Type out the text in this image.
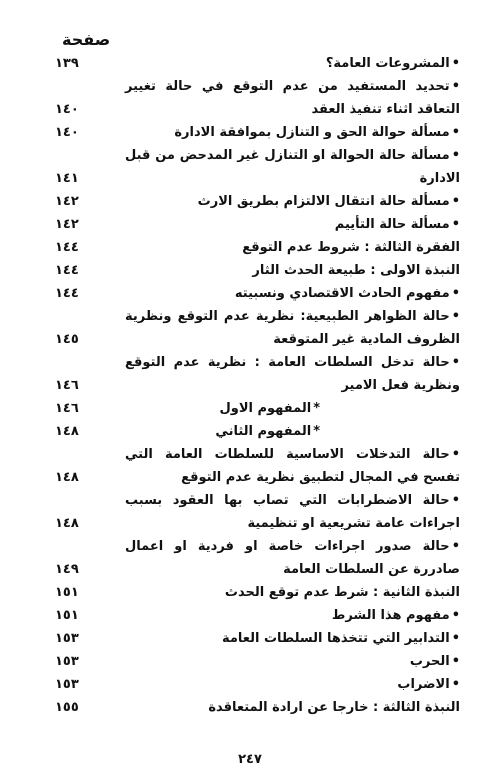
صفحة
• المشروعات العامة؟
١٣٩
• تحديد المستفيد من عدم التوقع في حالة تغيير التعاقد اثناء تنفيذ العقد
١٤٠
• مسألة حوالة الحق و التنازل بموافقة الادارة
١٤٠
• مسألة حالة الحوالة او التنازل غير المدحض من قبل الادارة
١٤١
• مسألة حالة انتقال الالتزام بطريق الارث
١٤٢
• مسألة حالة التأييم
١٤٢
الفقرة الثالثة : شروط عدم التوقع
١٤٤
النبذة الاولى : طبيعة الحدث الثار
١٤٤
• مفهوم الحادث الاقتصادي ونسبيته
١٤٤
• حالة الظواهر الطبيعية: نظرية عدم التوقع ونظرية الظروف المادية غير المتوقعة
١٤٥
• حالة تدخل السلطات العامة : نظرية عدم التوقع ونظرية فعل الامير
١٤٦
* المفهوم الاول
١٤٦
* المفهوم الثاني
١٤٨
• حالة التدخلات الاساسية للسلطات العامة التي تفسح في المجال لتطبيق نظرية عدم التوقع
١٤٨
• حالة الاضطرابات التي تصاب بها العقود بسبب اجراءات عامة تشريعية او تنظيمية
١٤٨
• حالة صدور اجراءات خاصة او فردية او اعمال صادررة عن السلطات العامة
١٤٩
النبذة الثانية : شرط عدم توقع الحدث
١٥١
• مفهوم هذا الشرط
١٥١
• التدابير التي تتخذها السلطات العامة
١٥٣
• الحرب
١٥٣
• الاضراب
١٥٣
النبذة الثالثة : خارجا عن ارادة المتعاقدة
١٥٥
٢٤٧
